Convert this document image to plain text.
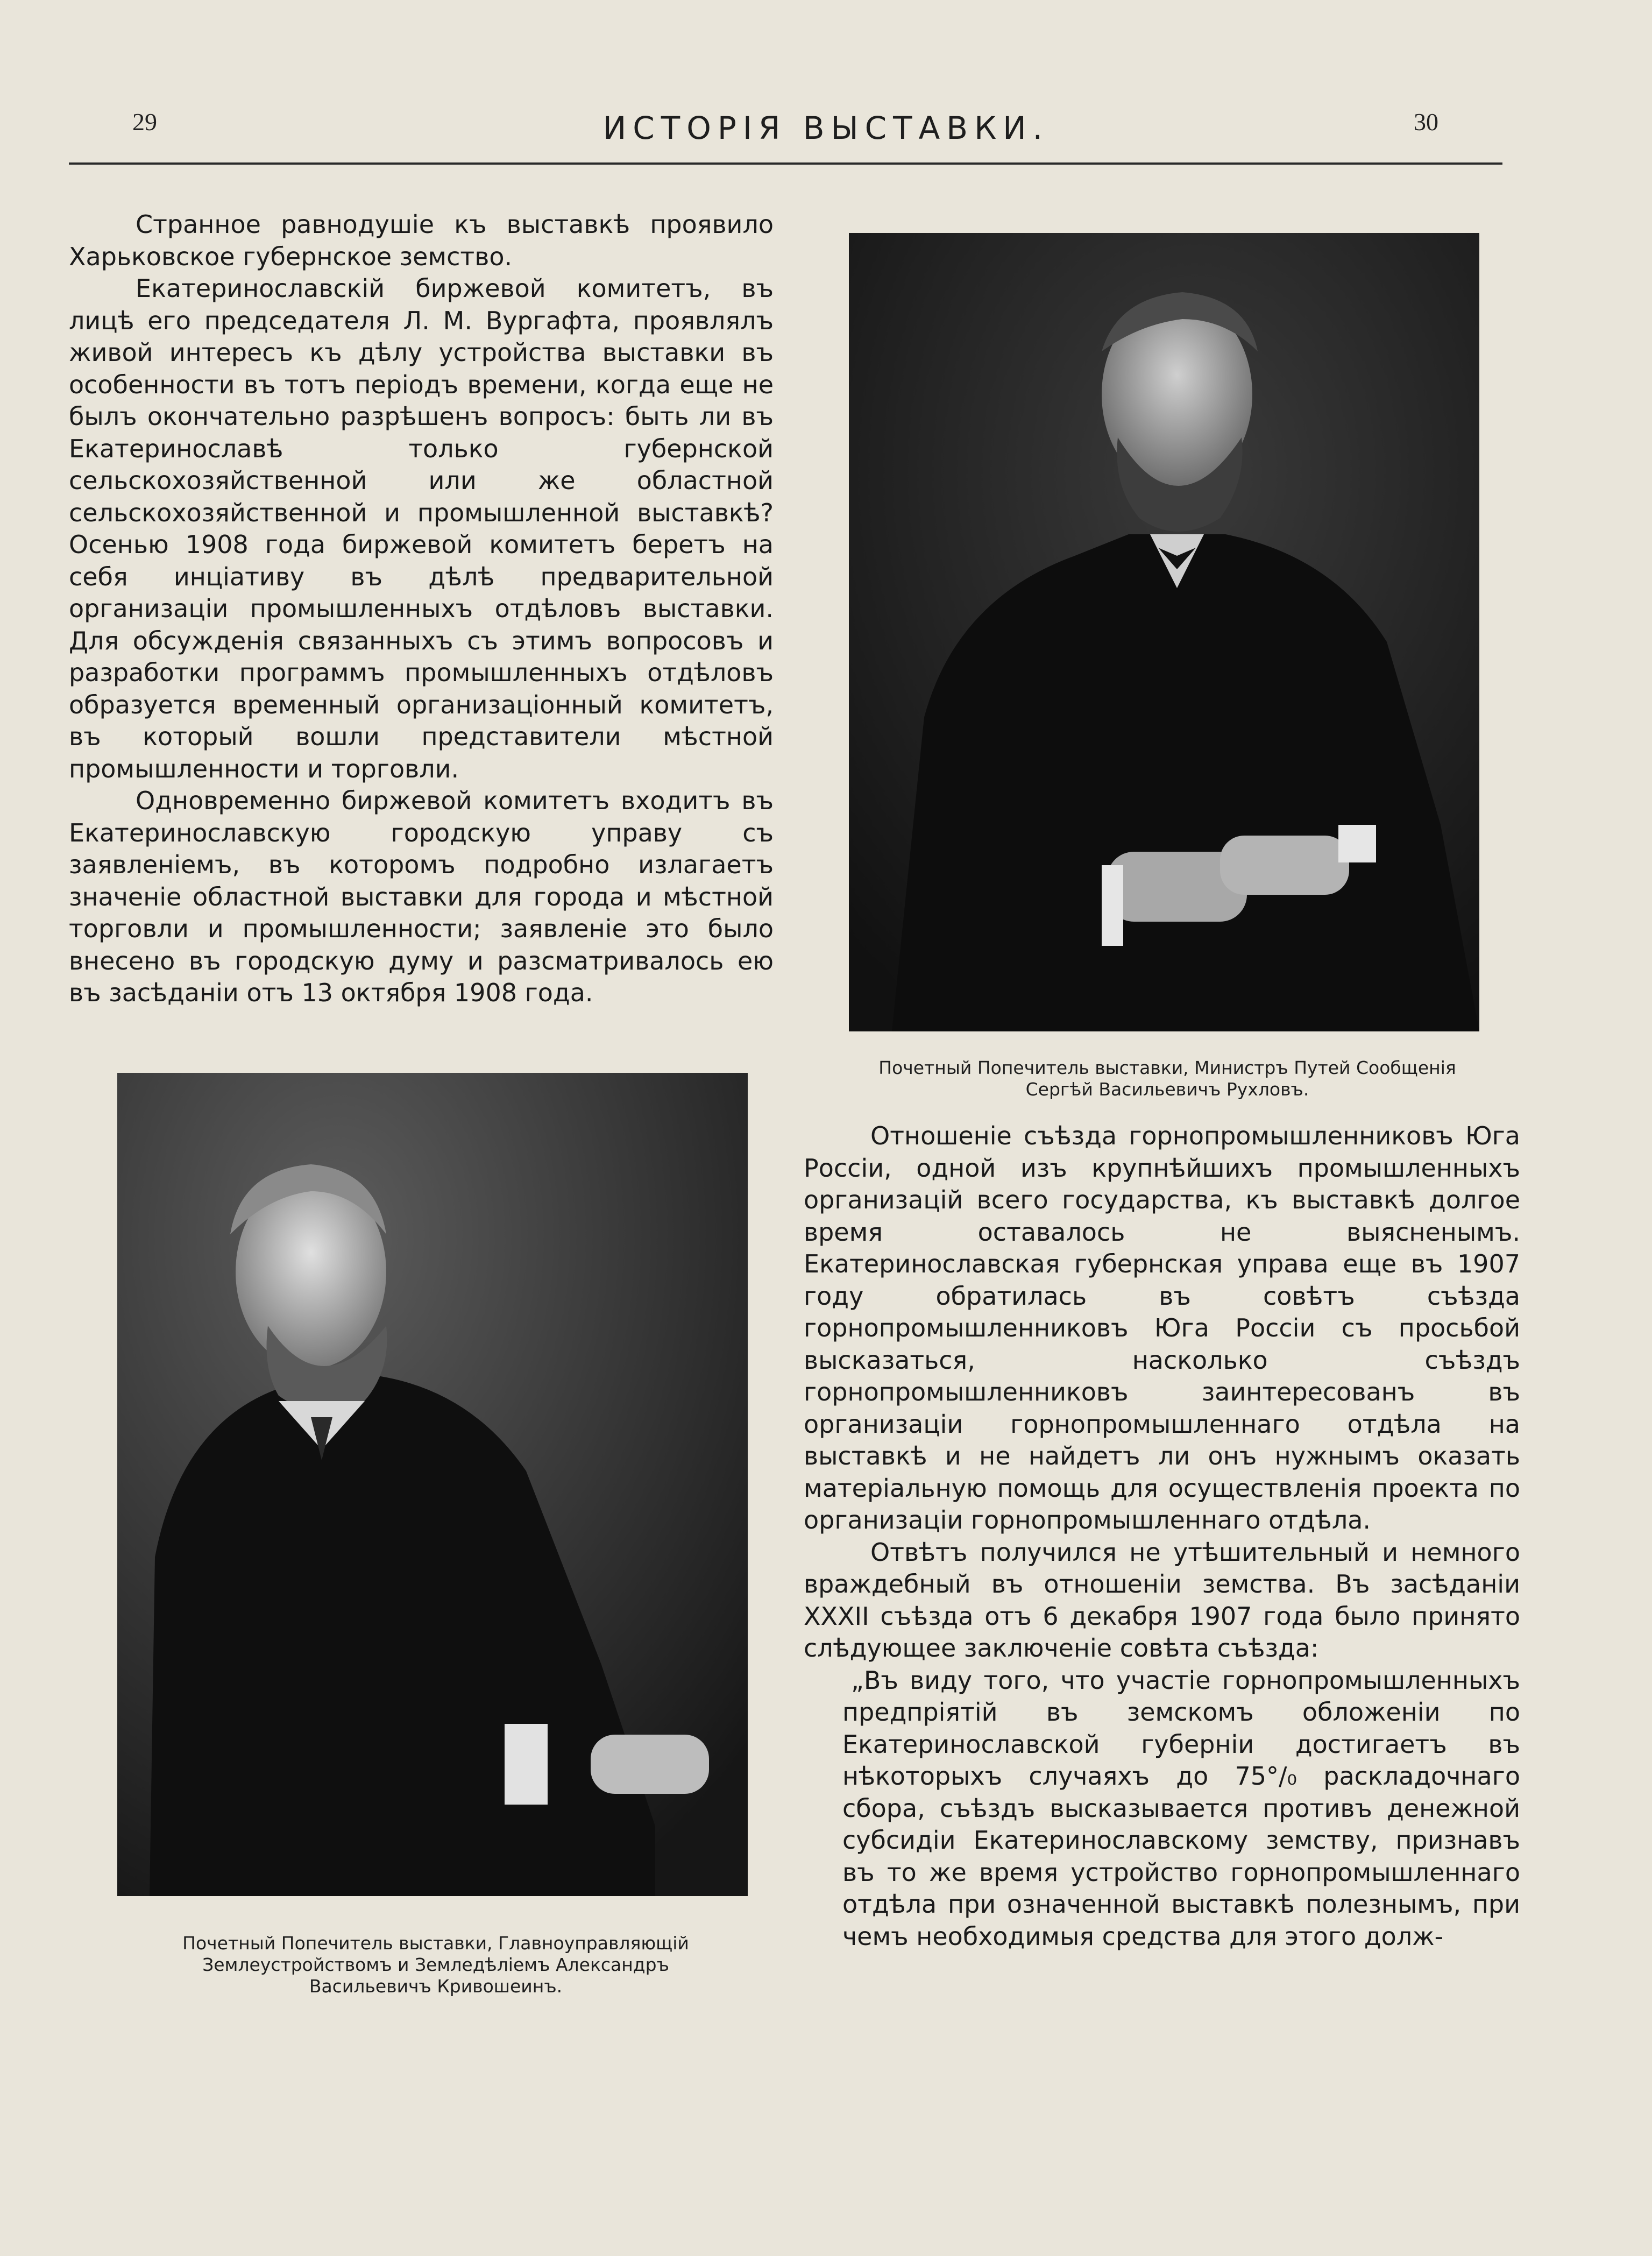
29	ИСТОРІЯ ВЫСТАВКИ.	30

Странное равнодушіе къ выставкѣ проявило Харьковское губернское земство.

Екатеринославскій биржевой комитетъ, въ лицѣ его председателя Л. М. Вургафта, проявлялъ живой интересъ къ дѣлу устройства выставки въ особенности въ тотъ періодъ времени, когда еще не былъ окончательно разрѣшенъ вопросъ: быть ли въ Екатеринославѣ только губернской сельскохозяйственной или же областной сельскохозяйственной и промышленной выставкѣ? Осенью 1908 года биржевой комитетъ беретъ на себя инціативу въ дѣлѣ предварительной организаціи промышленныхъ отдѣловъ выставки. Для обсужденія связанныхъ съ этимъ вопросовъ и разработки программъ промышленныхъ отдѣловъ образуется временный организаціонный комитетъ, въ который вошли представители мѣстной промышленности и торговли.

Одновременно биржевой комитетъ входитъ въ Екатеринославскую городскую управу съ заявленіемъ, въ которомъ подробно излагаетъ значеніе областной выставки для города и мѣстной торговли и промышленности; заявленіе это было внесено въ городскую думу и разсматривалось ею въ засѣданіи отъ 13 октября 1908 года.

Почетный Попечитель выставки, Министръ Путей Сообщенія
Сергѣй Васильевичъ Рухловъ.
Почетный Попечитель выставки, Главноуправляющій
Землеустройствомъ и Земледѣліемъ Александръ
Васильевичъ Кривошеинъ.

Отношеніе съѣзда горнопромышленниковъ Юга Россіи, одной изъ крупнѣйшихъ промышленныхъ организацій всего государства, къ выставкѣ долгое время оставалось не выясненымъ. Екатеринославская губернская управа еще въ 1907 году обратилась въ совѣтъ съѣзда горнопромышленниковъ Юга Россіи съ просьбой высказаться, насколько съѣздъ горнопромышленниковъ заинтересованъ въ организаціи горнопромышленнаго отдѣла на выставкѣ и не найдетъ ли онъ нужнымъ оказать матеріальную помощь для осуществленія проекта по организаціи горнопромышленнаго отдѣла.

Отвѣтъ получился не утѣшительный и немного враждебный въ отношеніи земства. Въ засѣданіи XXXII съѣзда отъ 6 декабря 1907 года было принято слѣдующее заключеніе совѣта съѣзда:

„Въ виду того, что участіе горнопромышленныхъ предпріятій въ земскомъ обложеніи по Екатеринославской губерніи достигаетъ въ нѣкоторыхъ случаяхъ до 75°/₀ раскладочнаго сбора, съѣздъ высказывается противъ денежной субсидіи Екатеринославскому земству, признавъ въ то же время устройство горнопромышленнаго отдѣла при означенной выставкѣ полезнымъ, при чемъ необходимыя средства для этого долж-
